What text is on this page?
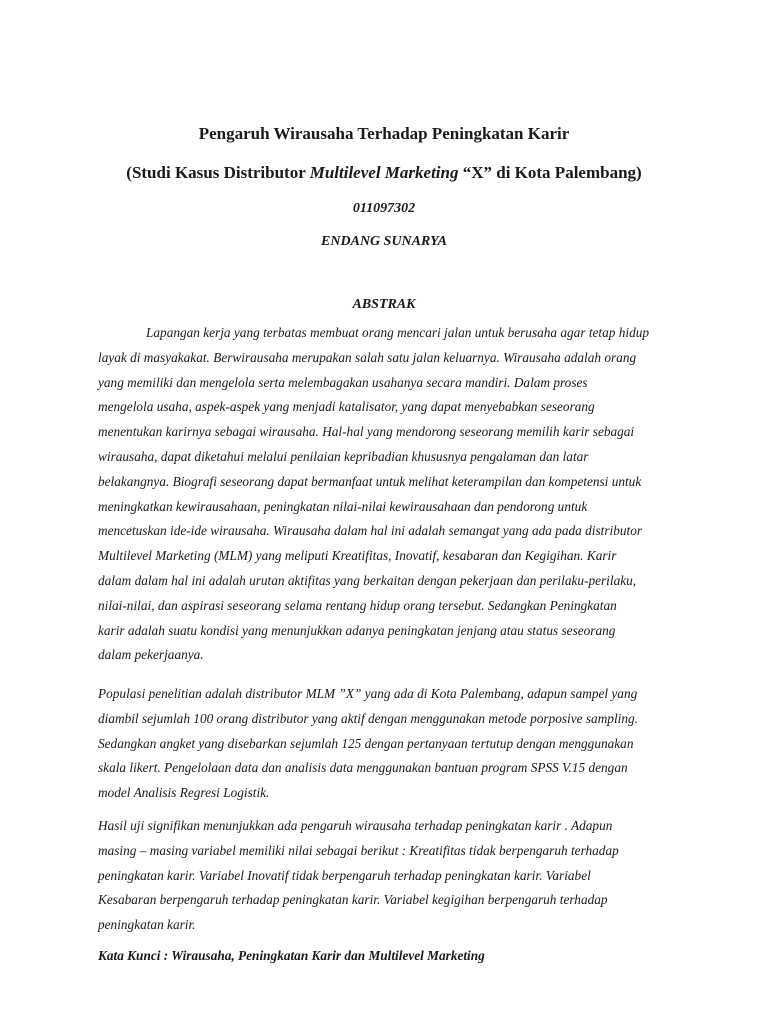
Pengaruh Wirausaha Terhadap Peningkatan Karir
(Studi Kasus Distributor Multilevel Marketing “X” di Kota Palembang)
011097302
ENDANG SUNARYA
ABSTRAK
Lapangan kerja yang terbatas membuat orang mencari jalan untuk berusaha agar tetap hidup
layak di masyakakat. Berwirausaha merupakan salah satu jalan keluarnya. Wirausaha adalah orang
yang memiliki dan mengelola serta melembagakan usahanya secara mandiri. Dalam proses
mengelola usaha, aspek-aspek yang menjadi katalisator, yang dapat menyebabkan seseorang
menentukan karirnya sebagai wirausaha. Hal-hal yang mendorong seseorang memilih karir sebagai
wirausaha, dapat diketahui melalui penilaian kepribadian khususnya pengalaman dan latar
belakangnya. Biografi seseorang dapat bermanfaat untuk melihat keterampilan dan kompetensi untuk
meningkatkan kewirausahaan, peningkatan nilai-nilai kewirausahaan dan pendorong untuk
mencetuskan ide-ide wirausaha. Wirausaha dalam hal ini adalah semangat yang ada pada distributor
Multilevel Marketing (MLM) yang meliputi Kreatifitas, Inovatif, kesabaran dan Kegigihan. Karir
dalam dalam hal ini adalah urutan aktifitas yang berkaitan dengan pekerjaan dan perilaku-perilaku,
nilai-nilai, dan aspirasi seseorang selama rentang hidup orang tersebut. Sedangkan Peningkatan
karir adalah suatu kondisi yang menunjukkan adanya peningkatan jenjang atau status seseorang
dalam pekerjaanya.
Populasi penelitian adalah distributor MLM ”X” yang ada di Kota Palembang, adapun sampel yang
diambil sejumlah 100 orang distributor yang aktif dengan menggunakan metode porposive sampling.
Sedangkan angket yang disebarkan sejumlah 125 dengan pertanyaan tertutup dengan menggunakan
skala likert. Pengelolaan data dan analisis data menggunakan bantuan program SPSS V.15 dengan
model Analisis Regresi Logistik.
Hasil uji signifikan menunjukkan ada pengaruh wirausaha terhadap peningkatan karir . Adapun
masing – masing variabel memiliki nilai sebagai berikut : Kreatifitas tidak berpengaruh terhadap
peningkatan karir. Variabel Inovatif tidak berpengaruh terhadap peningkatan karir. Variabel
Kesabaran berpengaruh terhadap peningkatan karir. Variabel kegigihan berpengaruh terhadap
peningkatan karir.
Kata Kunci : Wirausaha, Peningkatan Karir dan Multilevel Marketing
